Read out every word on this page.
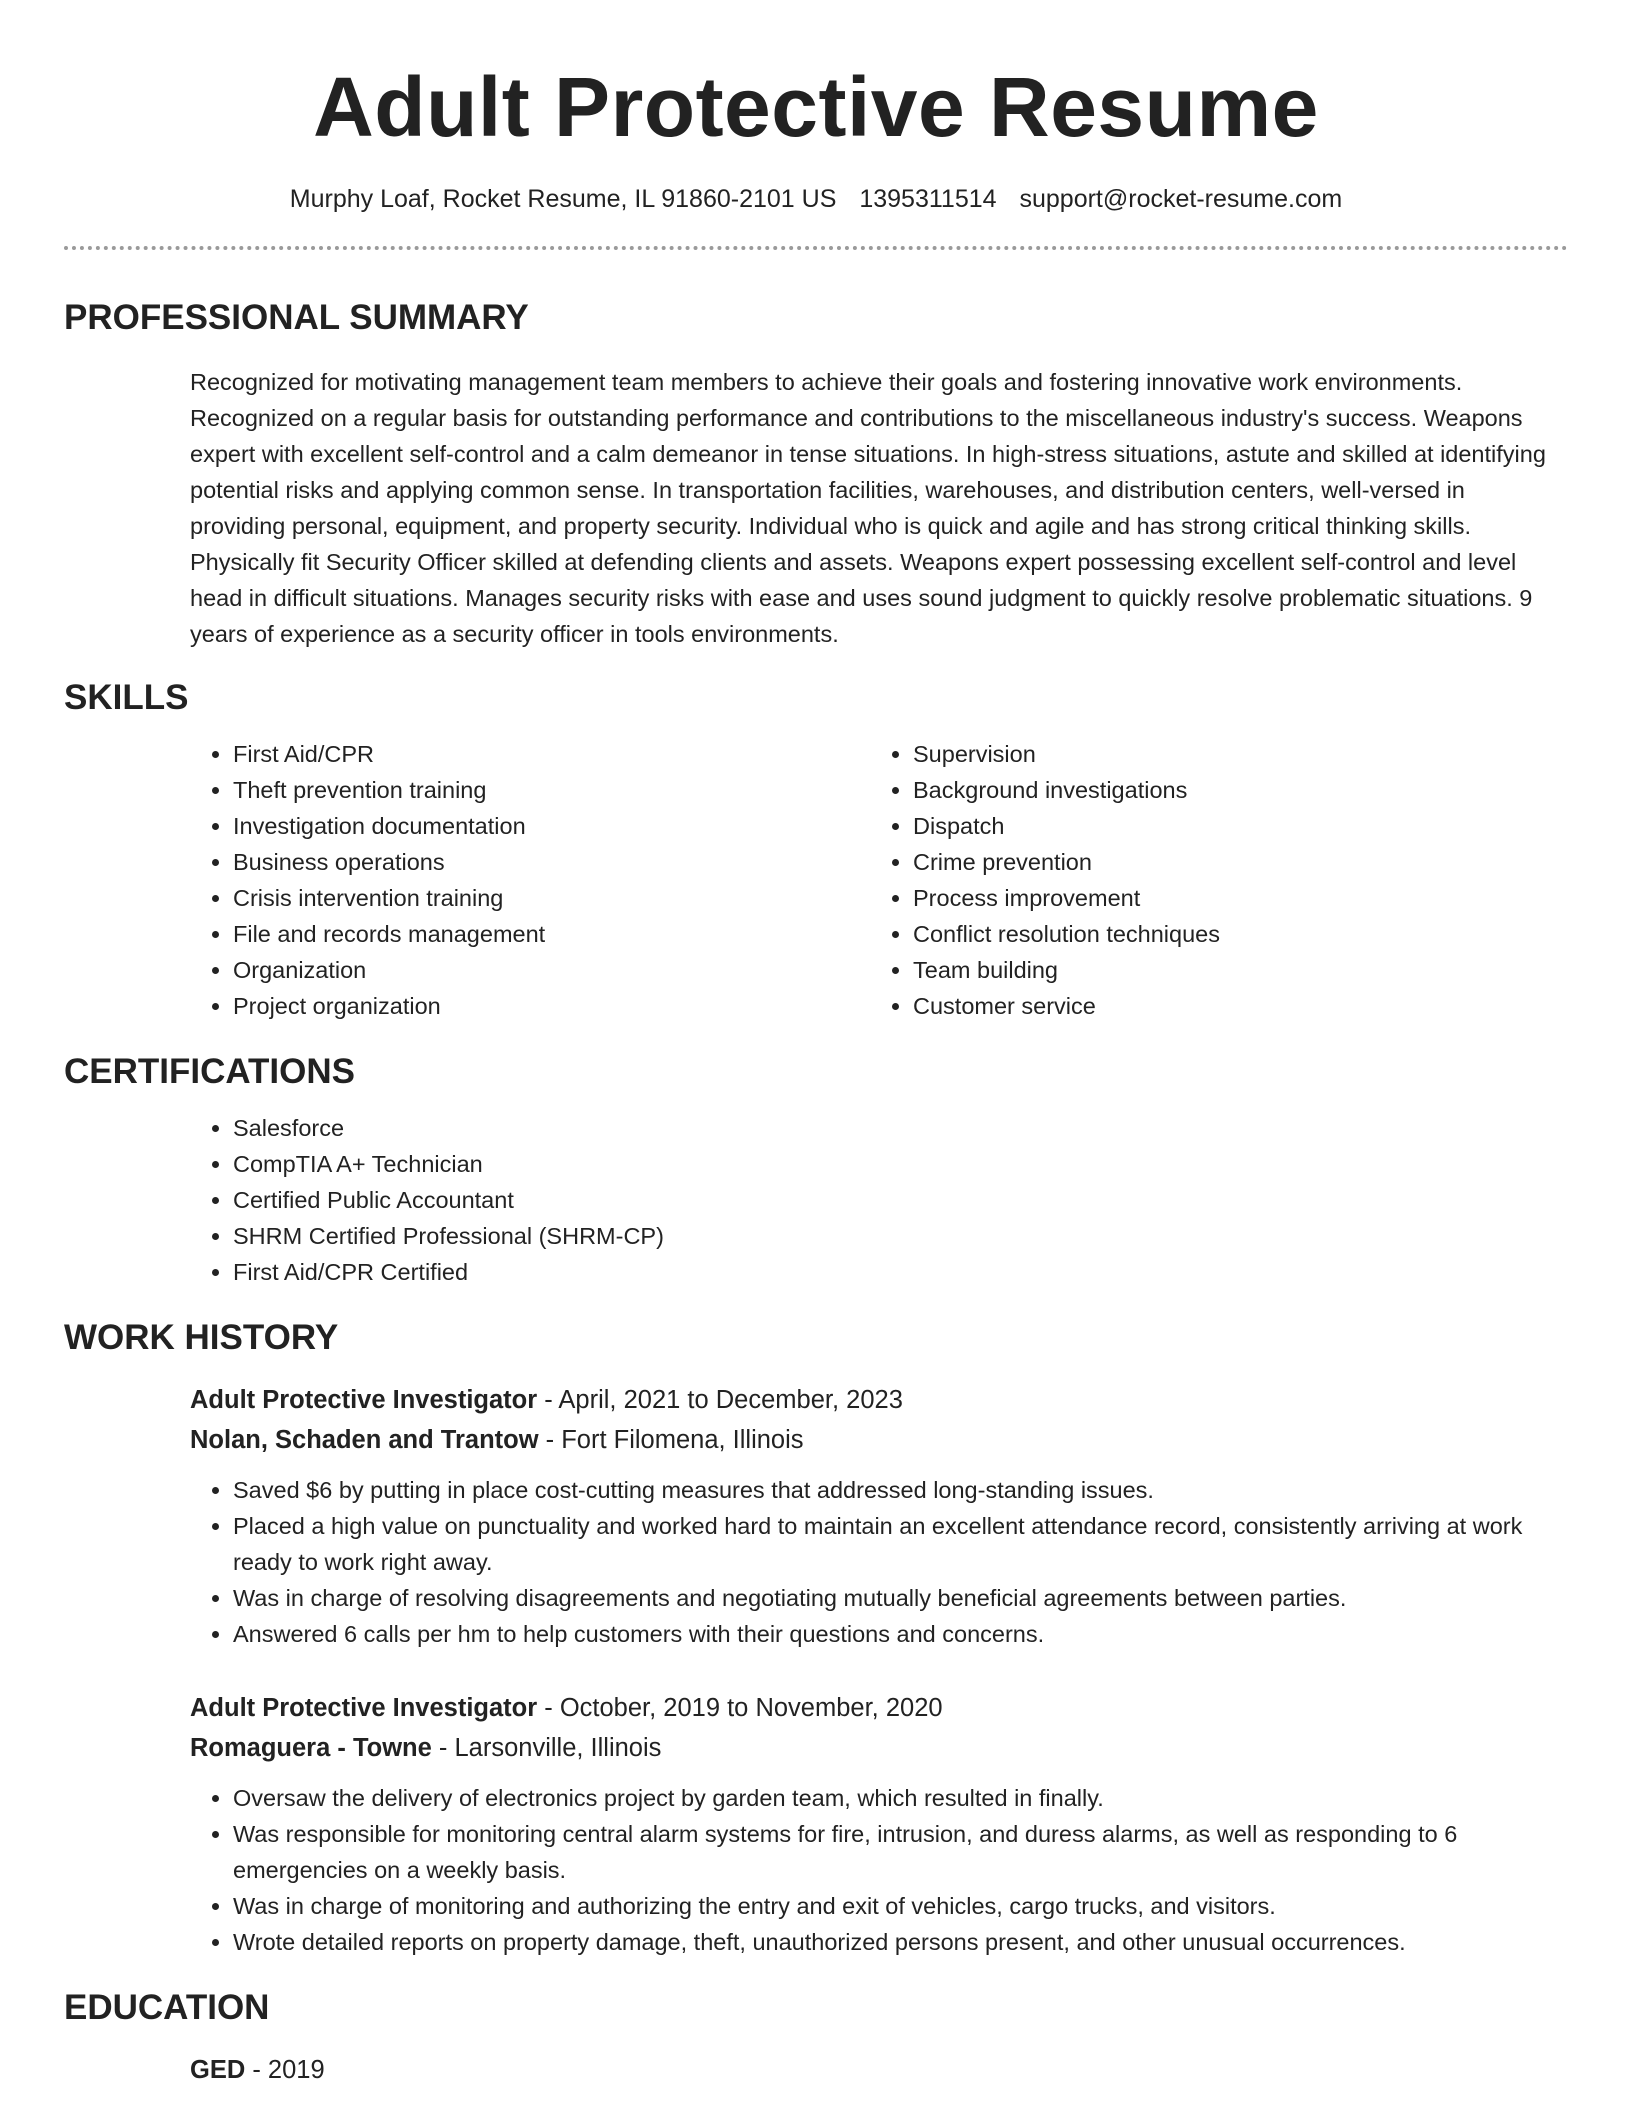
Adult Protective Resume
Murphy Loaf, Rocket Resume, IL 91860-2101 US 1395311514 support@rocket-resume.com
PROFESSIONAL SUMMARY
Recognized for motivating management team members to achieve their goals and fostering innovative work environments. Recognized on a regular basis for outstanding performance and contributions to the miscellaneous industry's success. Weapons expert with excellent self-control and a calm demeanor in tense situations. In high-stress situations, astute and skilled at identifying potential risks and applying common sense. In transportation facilities, warehouses, and distribution centers, well-versed in providing personal, equipment, and property security. Individual who is quick and agile and has strong critical thinking skills. Physically fit Security Officer skilled at defending clients and assets. Weapons expert possessing excellent self-control and level head in difficult situations. Manages security risks with ease and uses sound judgment to quickly resolve problematic situations. 9 years of experience as a security officer in tools environments.
SKILLS
• First Aid/CPR
• Theft prevention training
• Investigation documentation
• Business operations
• Crisis intervention training
• File and records management
• Organization
• Project organization
• Supervision
• Background investigations
• Dispatch
• Crime prevention
• Process improvement
• Conflict resolution techniques
• Team building
• Customer service
CERTIFICATIONS
• Salesforce
• CompTIA A+ Technician
• Certified Public Accountant
• SHRM Certified Professional (SHRM-CP)
• First Aid/CPR Certified
WORK HISTORY
Adult Protective Investigator - April, 2021 to December, 2023
Nolan, Schaden and Trantow - Fort Filomena, Illinois
• Saved $6 by putting in place cost-cutting measures that addressed long-standing issues.
• Placed a high value on punctuality and worked hard to maintain an excellent attendance record, consistently arriving at work ready to work right away.
• Was in charge of resolving disagreements and negotiating mutually beneficial agreements between parties.
• Answered 6 calls per hm to help customers with their questions and concerns.
Adult Protective Investigator - October, 2019 to November, 2020
Romaguera - Towne - Larsonville, Illinois
• Oversaw the delivery of electronics project by garden team, which resulted in finally.
• Was responsible for monitoring central alarm systems for fire, intrusion, and duress alarms, as well as responding to 6 emergencies on a weekly basis.
• Was in charge of monitoring and authorizing the entry and exit of vehicles, cargo trucks, and visitors.
• Wrote detailed reports on property damage, theft, unauthorized persons present, and other unusual occurrences.
EDUCATION
GED - 2019
